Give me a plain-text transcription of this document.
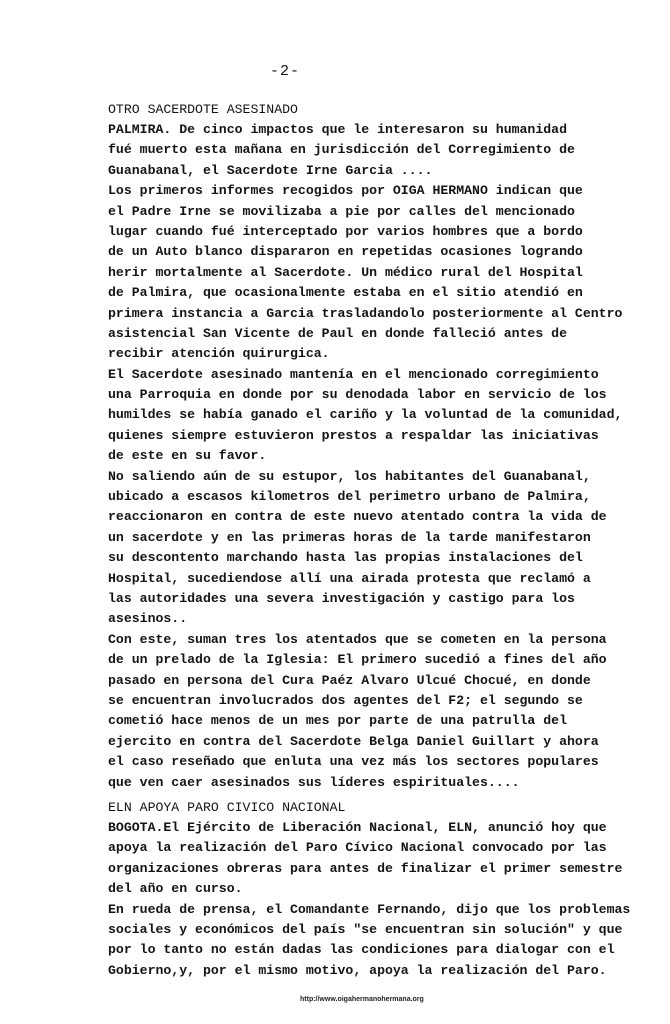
-2-
OTRO SACERDOTE ASESINADO
PALMIRA. De cinco impactos que le interesaron su humanidad
fué muerto esta mañana en jurisdicción del Corregimiento de
Guanabanal, el Sacerdote Irne Garcia ....
Los primeros informes recogidos por OIGA HERMANO indican que
el Padre Irne se movilizaba a pie por calles del mencionado
lugar cuando fué interceptado por varios hombres que a bordo
de un Auto blanco dispararon en repetidas ocasiones logrando
herir mortalmente al Sacerdote. Un médico rural del Hospital
de Palmira, que ocasionalmente estaba en el sitio atendió en
primera instancia a Garcia trasladandolo posteriormente al Centro
asistencial San Vicente de Paul en donde falleció antes de
recibir atención quirurgica.
El Sacerdote asesinado mantenía en el mencionado corregimiento
una Parroquia en donde por su denodada labor en servicio de los
humildes se había ganado el cariño y la voluntad de la comunidad,
quienes siempre estuvieron prestos a respaldar las iniciativas
de este en su favor.
No saliendo aún de su estupor, los habitantes del Guanabanal,
ubicado a escasos kilometros del perimetro urbano de Palmira,
reaccionaron en contra de este nuevo atentado contra la vida de
un sacerdote y en las primeras horas de la tarde manifestaron
su descontento marchando hasta las propias instalaciones del
Hospital, sucediendose allí una airada protesta que reclamó a
las autoridades una severa investigación y castigo para los
asesinos..
Con este, suman tres los atentados que se cometen en la persona
de un prelado de la Iglesia: El primero sucedió a fines del año
pasado en persona del Cura Paéz Alvaro Ulcué Chocué, en donde
se encuentran involucrados dos agentes del F2; el segundo se
cometió hace menos de un mes por parte de una patrulla del
ejercito en contra del Sacerdote Belga Daniel Guillart y ahora
el caso reseñado que enluta una vez más los sectores populares
que ven caer asesinados sus líderes espirituales....
ELN APOYA PARO CIVICO NACIONAL
BOGOTA.El Ejército de Liberación Nacional, ELN, anunció hoy que
apoya la realización del Paro Cívico Nacional convocado por las
organizaciones obreras para antes de finalizar el primer semestre
del año en curso.
En rueda de prensa, el Comandante Fernando, dijo que los problemas
sociales y económicos del país "se encuentran sin solución" y que
por lo tanto no están dadas las condiciones para dialogar con el
Gobierno,y, por el mismo motivo, apoya la realización del Paro.
http://www.oigahermanohermana.org
